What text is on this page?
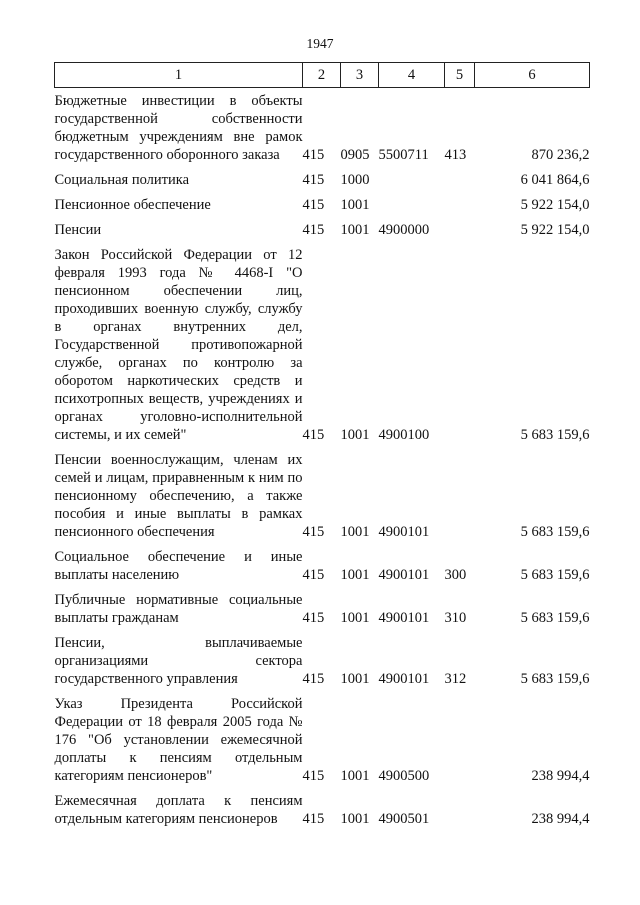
1947
1	2	3	4	5	6
Бюджетные инвестиции в объекты государственной собственности бюджетным учреждениям вне рамок государственного оборонного заказа	415	0905	5500711	413	870 236,2
Социальная политика	415	1000			6 041 864,6
Пенсионное обеспечение	415	1001			5 922 154,0
Пенсии	415	1001	4900000		5 922 154,0
Закон Российской Федерации от 12 февраля 1993 года № 4468-I "О пенсионном обеспечении лиц, проходивших военную службу, службу в органах внутренних дел, Государственной противопожарной службе, органах по контролю за оборотом наркотических средств и психотропных веществ, учреждениях и органах уголовно-исполнительной системы, и их семей"	415	1001	4900100		5 683 159,6
Пенсии военнослужащим, членам их семей и лицам, приравненным к ним по пенсионному обеспечению, а также пособия и иные выплаты в рамках пенсионного обеспечения	415	1001	4900101		5 683 159,6
Социальное обеспечение и иные выплаты населению	415	1001	4900101	300	5 683 159,6
Публичные нормативные социальные выплаты гражданам	415	1001	4900101	310	5 683 159,6
Пенсии, выплачиваемые организациями сектора государственного управления	415	1001	4900101	312	5 683 159,6
Указ Президента Российской Федерации от 18 февраля 2005 года № 176 "Об установлении ежемесячной доплаты к пенсиям отдельным категориям пенсионеров"	415	1001	4900500		238 994,4
Ежемесячная доплата к пенсиям отдельным категориям пенсионеров	415	1001	4900501		238 994,4
